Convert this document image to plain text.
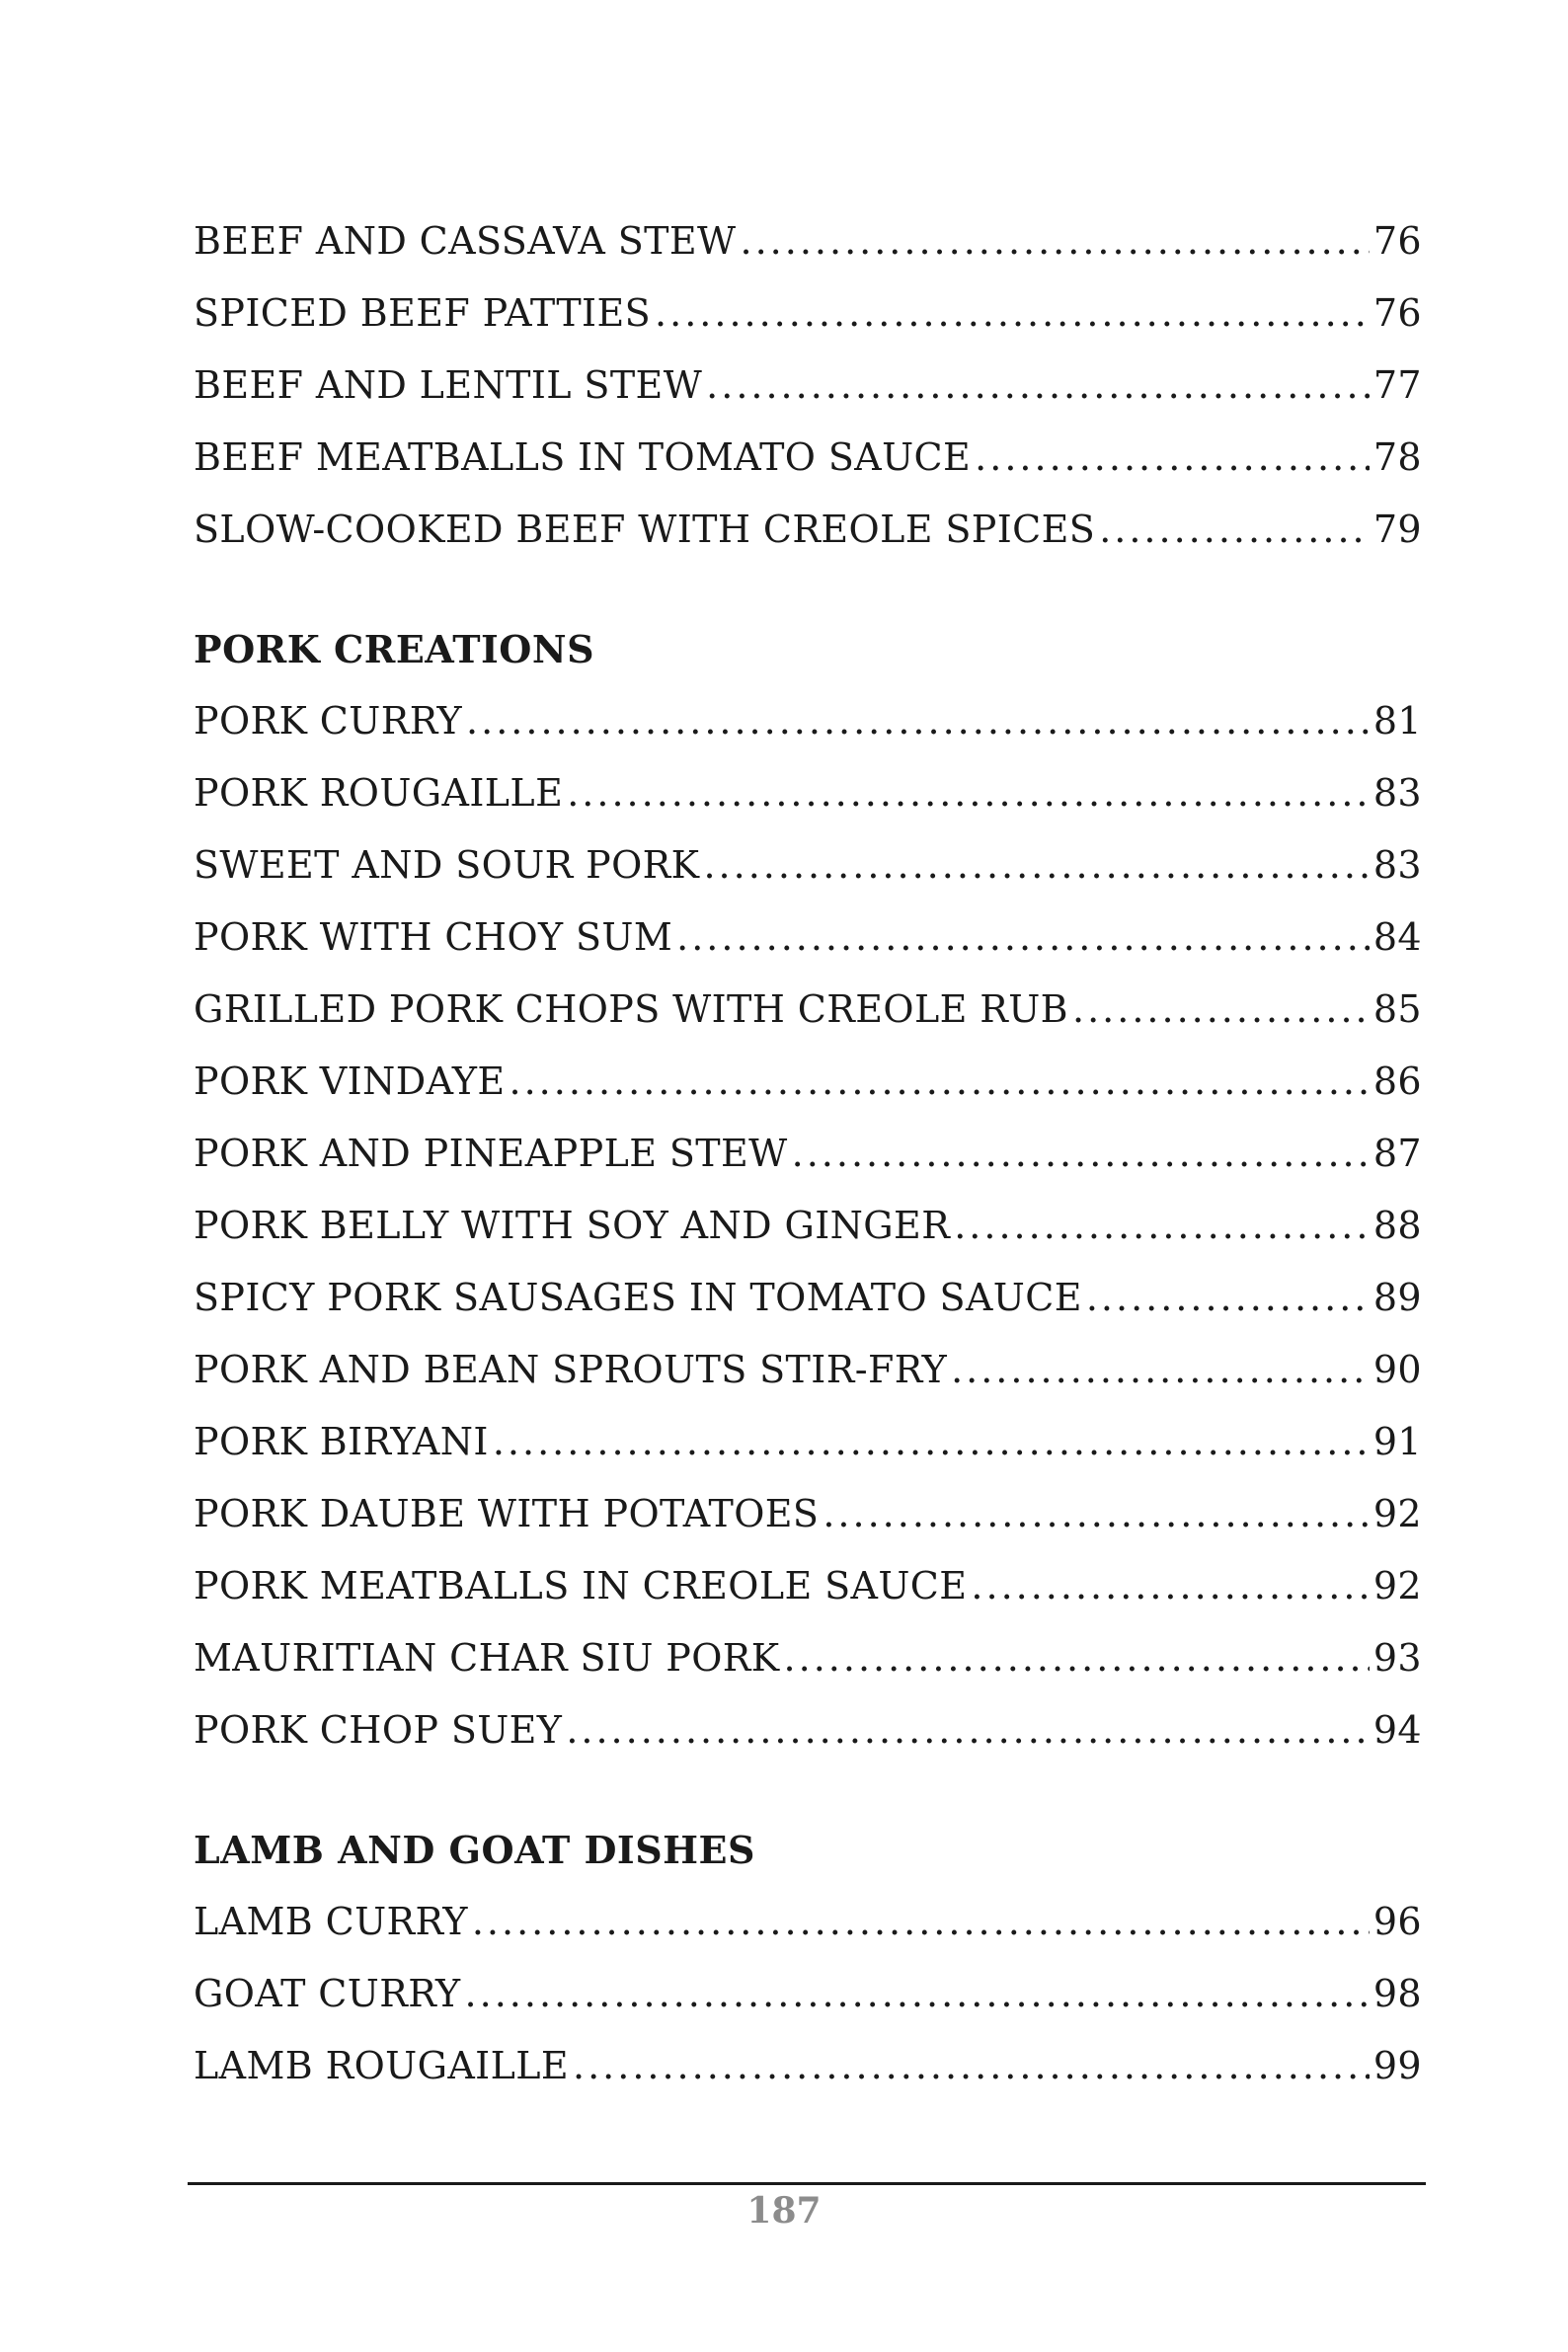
BEEF AND CASSAVA STEW .....	76
SPICED BEEF PATTIES .....	76
BEEF AND LENTIL STEW .....	77
BEEF MEATBALLS IN TOMATO SAUCE .....	78
SLOW-COOKED BEEF WITH CREOLE SPICES .....	79
PORK CREATIONS
PORK CURRY .....	81
PORK ROUGAILLE .....	83
SWEET AND SOUR PORK .....	83
PORK WITH CHOY SUM .....	84
GRILLED PORK CHOPS WITH CREOLE RUB .....	85
PORK VINDAYE .....	86
PORK AND PINEAPPLE STEW .....	87
PORK BELLY WITH SOY AND GINGER .....	88
SPICY PORK SAUSAGES IN TOMATO SAUCE .....	89
PORK AND BEAN SPROUTS STIR-FRY .....	90
PORK BIRYANI .....	91
PORK DAUBE WITH POTATOES .....	92
PORK MEATBALLS IN CREOLE SAUCE .....	92
MAURITIAN CHAR SIU PORK .....	93
PORK CHOP SUEY .....	94
LAMB AND GOAT DISHES
LAMB CURRY .....	96
GOAT CURRY .....	98
LAMB ROUGAILLE .....	99
187
